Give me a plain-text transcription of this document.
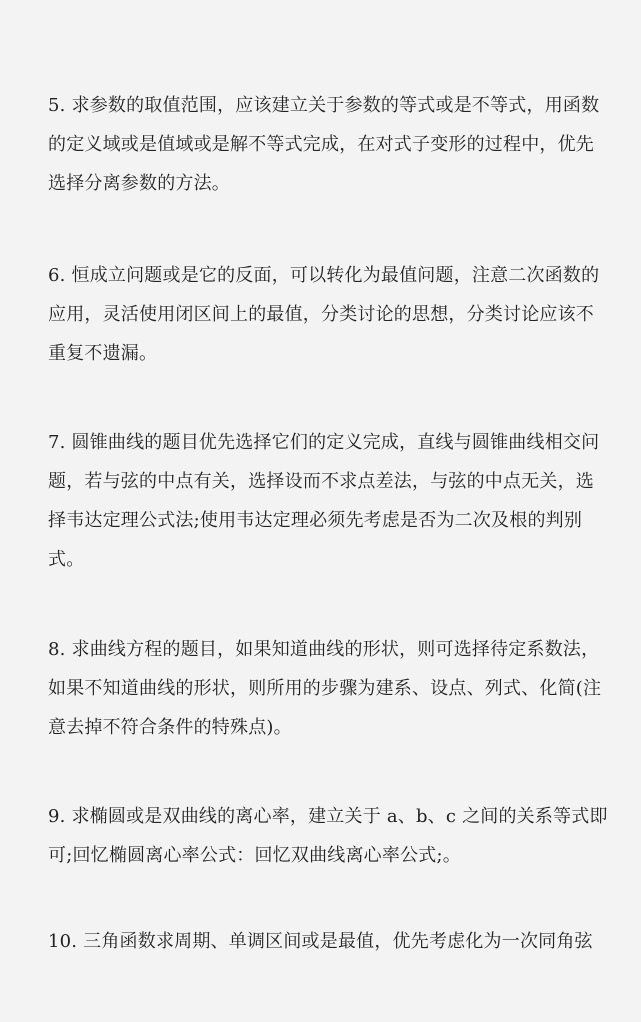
5. 求参数的取值范围，应该建立关于参数的等式或是不等式，用函数的定义域或是值域或是解不等式完成，在对式子变形的过程中，优先选择分离参数的方法。

6. 恒成立问题或是它的反面，可以转化为最值问题，注意二次函数的应用，灵活使用闭区间上的最值，分类讨论的思想，分类讨论应该不重复不遗漏。

7. 圆锥曲线的题目优先选择它们的定义完成，直线与圆锥曲线相交问题，若与弦的中点有关，选择设而不求点差法，与弦的中点无关，选择韦达定理公式法;使用韦达定理必须先考虑是否为二次及根的判别式。

8. 求曲线方程的题目，如果知道曲线的形状，则可选择待定系数法，如果不知道曲线的形状，则所用的步骤为建系、设点、列式、化简(注意去掉不符合条件的特殊点)。

9. 求椭圆或是双曲线的离心率，建立关于 a、b、c 之间的关系等式即可;回忆椭圆离心率公式：回忆双曲线离心率公式;。

10. 三角函数求周期、单调区间或是最值，优先考虑化为一次同角弦
